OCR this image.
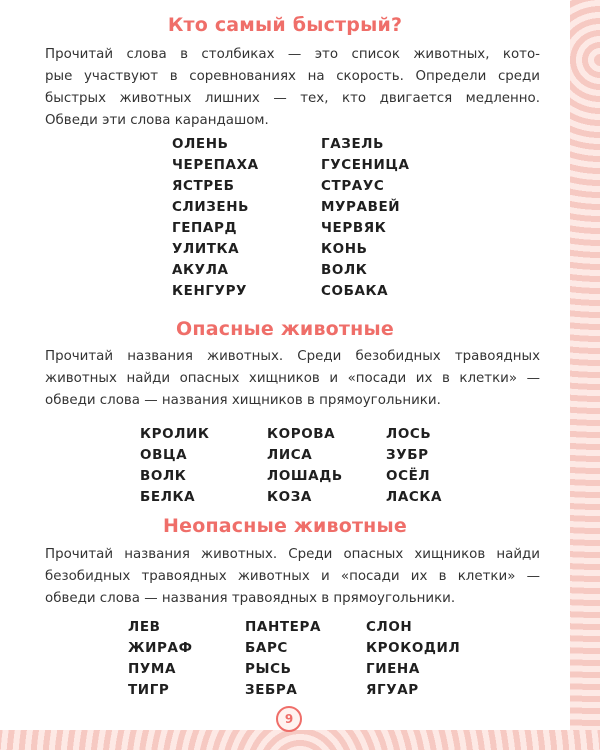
Кто самый быстрый?
Прочитай слова в столбиках — это список животных, кото-
рые участвуют в соревнованиях на скорость. Определи среди
быстрых животных лишних — тех, кто двигается медленно.
Обведи эти слова карандашом.
ОЛЕНЬ
ЧЕРЕПАХА
ЯСТРЕБ
СЛИЗЕНЬ
ГЕПАРД
УЛИТКА
АКУЛА
КЕНГУРУ
ГАЗЕЛЬ
ГУСЕНИЦА
СТРАУС
МУРАВЕЙ
ЧЕРВЯК
КОНЬ
ВОЛК
СОБАКА
Опасные животные
Прочитай названия животных. Среди безобидных травоядных
животных найди опасных хищников и «посади их в клетки» —
обведи слова — названия хищников в прямоугольники.
КРОЛИК
ОВЦА
ВОЛК
БЕЛКА
КОРОВА
ЛИСА
ЛОШАДЬ
КОЗА
ЛОСЬ
ЗУБР
ОСЁЛ
ЛАСКА
Неопасные животные
Прочитай названия животных. Среди опасных хищников найди
безобидных травоядных животных и «посади их в клетки» —
обведи слова — названия травоядных в прямоугольники.
ЛЕВ
ЖИРАФ
ПУМА
ТИГР
ПАНТЕРА
БАРС
РЫСЬ
ЗЕБРА
СЛОН
КРОКОДИЛ
ГИЕНА
ЯГУАР
9
